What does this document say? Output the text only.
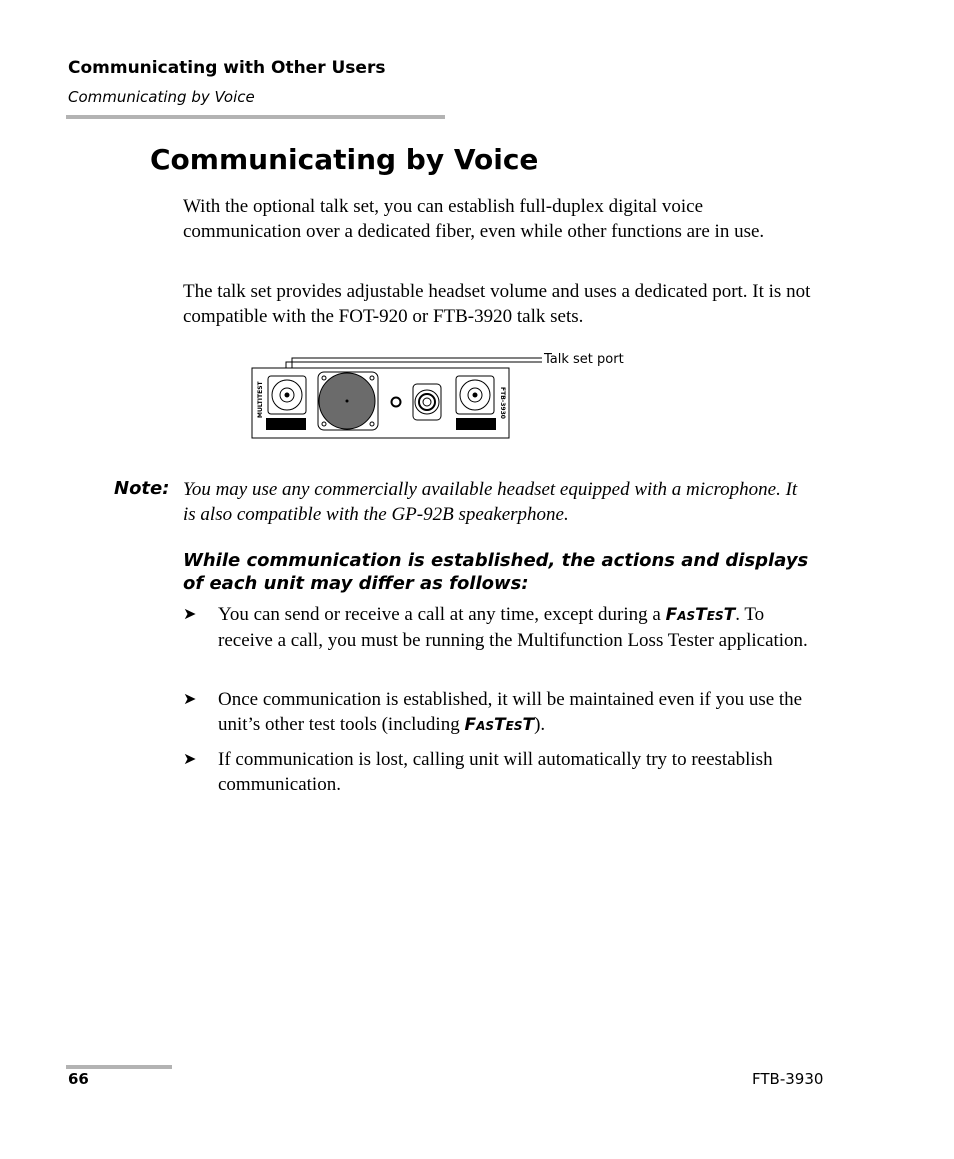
Communicating with Other Users
Communicating by Voice
Communicating by Voice

With the optional talk set, you can establish full-duplex digital voice communication over a dedicated fiber, even while other functions are in use.

The talk set provides adjustable headset volume and uses a dedicated port. It is not compatible with the FOT-920 or FTB-3920 talk sets.

Talk set port
MULTITEST	FTB-3930
Note: You may use any commercially available headset equipped with a microphone. It is also compatible with the GP-92B speakerphone.

While communication is established, the actions and displays of each unit may differ as follows:

➤ You can send or receive a call at any time, except during a FASTEST. To receive a call, you must be running the Multifunction Loss Tester application.
➤ Once communication is established, it will be maintained even if you use the unit’s other test tools (including FASTEST).
➤ If communication is lost, calling unit will automatically try to reestablish communication.
66	FTB-3930
